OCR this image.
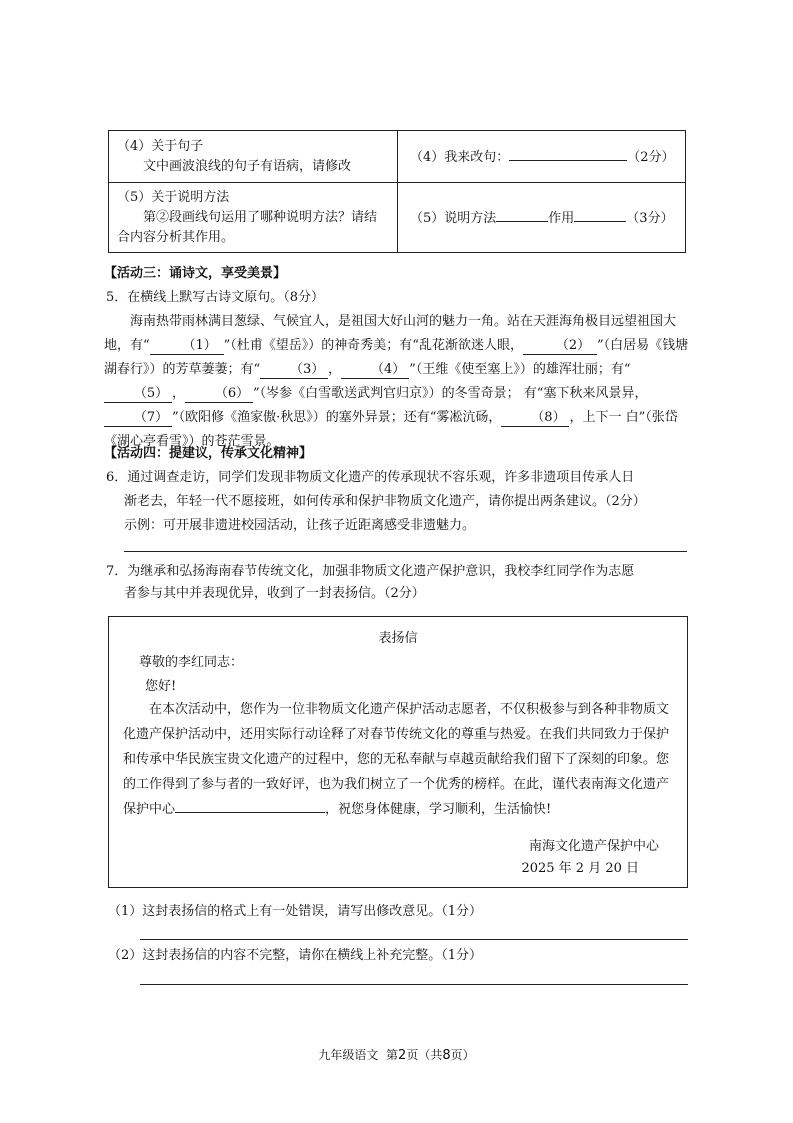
（4）关于句子

文中画波浪线的句子有语病，请修改	（4）我来改句： （2分）
（5）关于说明方法

第②段画线句运用了哪种说明方法？请结合内容分析其作用。	（5）说明方法 作用 （3分）
【活动三：诵诗文，享受美景】
5．在横线上默写古诗文原句。（8分）
海南热带雨林满目葱绿、气候宜人，是祖国大好山河的魅力一角。站在天涯海角极目远望祖国大地，有“	（1） ”（杜甫《望岳》）的神奇秀美；有“乱花渐欲迷人眼，	（2） ”（白居易《钱塘湖春行》）的芳草萋萋；有“ （3） ， （4） ”（王维《使至塞上》）的雄浑壮丽；有“（5） ， （6） ”（岑参《白雪歌送武判官归京》）的冬雪奇景； 有“塞下秋来风景异，（7） ”（欧阳修《渔家傲·秋思》）的塞外异景；还有“雾凇沆砀， （8） ，上下一 白”（张岱《湖心亭看雪》）的苍茫雪景。
【活动四：提建议，传承文化精神】
6．通过调查走访，同学们发现非物质文化遗产的传承现状不容乐观，许多非遗项目传承人日
渐老去，年轻一代不愿接班，如何传承和保护非物质文化遗产，请你提出两条建议。（2分）
示例：可开展非遗进校园活动，让孩子近距离感受非遗魅力。
7．为继承和弘扬海南春节传统文化，加强非物质文化遗产保护意识，我校李红同学作为志愿
者参与其中并表现优异，收到了一封表扬信。（2分）
表扬信
尊敬的李红同志：
您好!
在本次活动中，您作为一位非物质文化遗产保护活动志愿者，不仅积极参与到各种非物质文化遗产保护活动中，还用实际行动诠释了对春节传统文化的尊重与热爱。在我们共同致力于保护和传承中华民族宝贵文化遗产的过程中，您的无私奉献与卓越贡献给我们留下了深刻的印象。您的工作得到了参与者的一致好评，也为我们树立了一个优秀的榜样。在此，谨代表南海文化遗产保护中心	，祝您身体健康，学习顺利，生活愉快!
南海文化遗产保护中心
2025 年 2 月 20 日
（1）这封表扬信的格式上有一处错误，请写出修改意见。（1分）
（2）这封表扬信的内容不完整，请你在横线上补充完整。（1分）
九年级语文 第2页（共8页）
